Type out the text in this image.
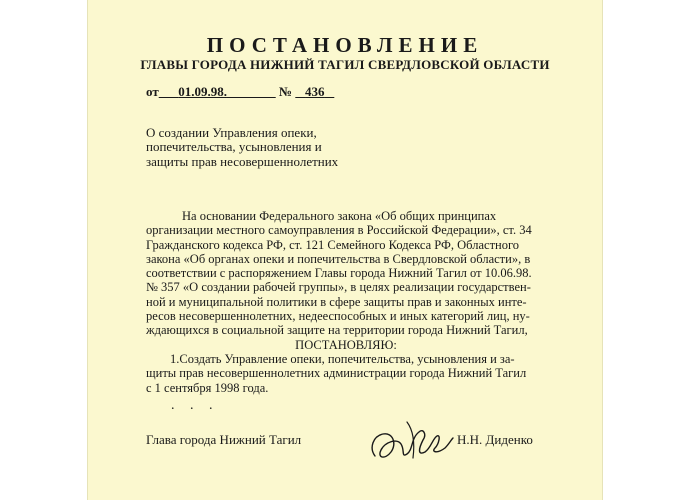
ПОСТАНОВЛЕНИЕ
ГЛАВЫ ГОРОДА НИЖНИЙ ТАГИЛ СВЕРДЛОВСКОЙ ОБЛАСТИ
от 01.09.98.	№ 436
О создании Управления опеки,
попечительства, усыновления и
защиты прав несовершеннолетних
На основании Федерального закона «Об общих принципах
организации местного самоуправления в Российской Федерации», ст. 34
Гражданского кодекса РФ, ст. 121 Семейного Кодекса РФ, Областного
закона «Об органах опеки и попечительства в Свердловской области», в
соответствии с распоряжением Главы города Нижний Тагил от 10.06.98.
№ 357 «О создании рабочей группы», в целях реализации государствен-
ной и муниципальной политики в сфере защиты прав и законных инте-
ресов несовершеннолетних, недееспособных и иных категорий лиц, ну-
ждающихся в социальной защите на территории города Нижний Тагил,
ПОСТАНОВЛЯЮ:
1.Создать Управление опеки, попечительства, усыновления и за-
щиты прав несовершеннолетних администрации города Нижний Тагил
с 1 сентября 1998 года.
. . .
Глава города Нижний Тагил	Н.Н. Диденко
